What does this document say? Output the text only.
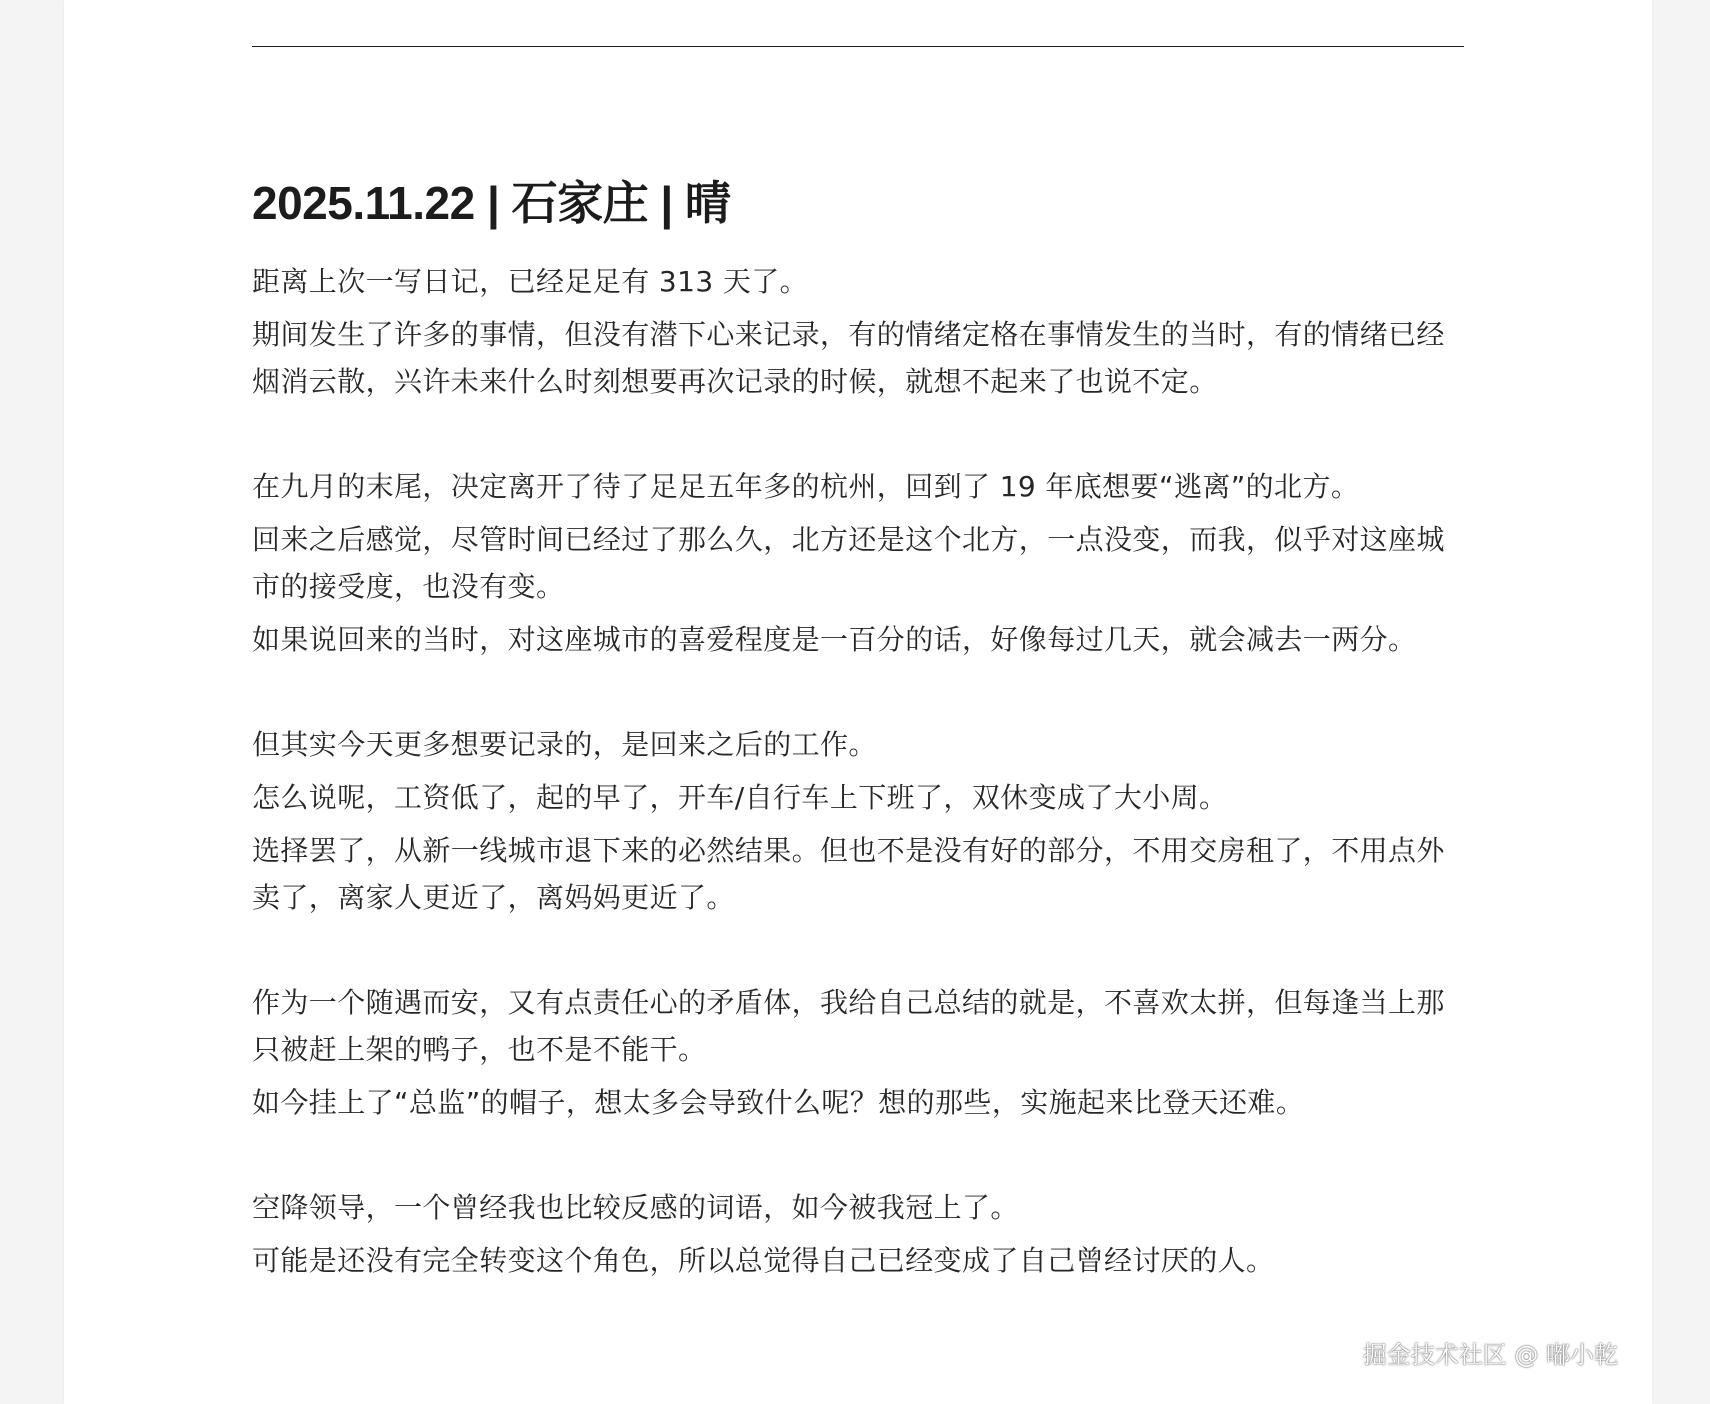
2025.11.22 | 石家庄 | 晴

距离上次一写日记，已经足足有 313 天了。

期间发生了许多的事情，但没有潜下心来记录，有的情绪定格在事情发生的当时，有的情绪已经烟消云散，兴许未来什么时刻想要再次记录的时候，就想不起来了也说不定。

在九月的末尾，决定离开了待了足足五年多的杭州，回到了 19 年底想要“逃离”的北方。

回来之后感觉，尽管时间已经过了那么久，北方还是这个北方，一点没变，而我，似乎对这座城市的接受度，也没有变。

如果说回来的当时，对这座城市的喜爱程度是一百分的话，好像每过几天，就会减去一两分。

但其实今天更多想要记录的，是回来之后的工作。

怎么说呢，工资低了，起的早了，开车/自行车上下班了，双休变成了大小周。

选择罢了，从新一线城市退下来的必然结果。但也不是没有好的部分，不用交房租了，不用点外卖了，离家人更近了，离妈妈更近了。

作为一个随遇而安，又有点责任心的矛盾体，我给自己总结的就是，不喜欢太拼，但每逢当上那只被赶上架的鸭子，也不是不能干。

如今挂上了“总监”的帽子，想太多会导致什么呢？想的那些，实施起来比登天还难。

空降领导，一个曾经我也比较反感的词语，如今被我冠上了。

可能是还没有完全转变这个角色，所以总觉得自己已经变成了自己曾经讨厌的人。

掘金技术社区 @ 嘟小乾
